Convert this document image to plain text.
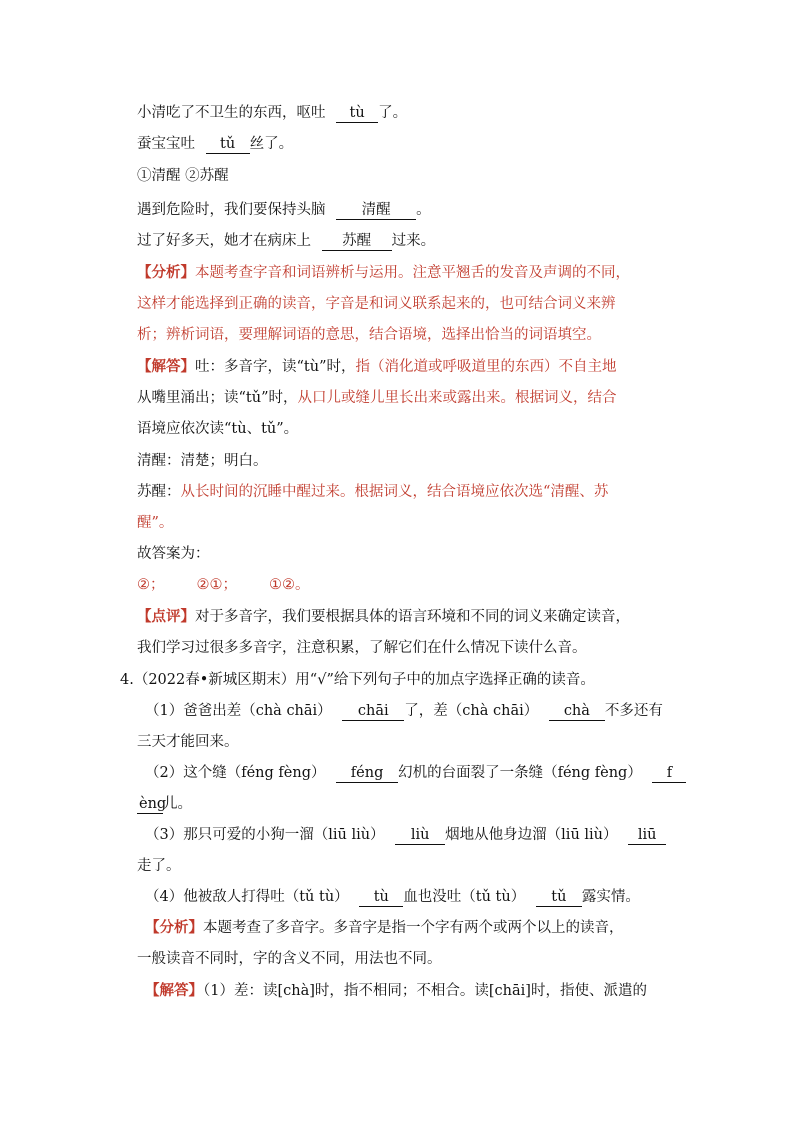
小清吃了不卫生的东西，呕吐 tù 了。
蚕宝宝吐 tǔ 丝了。
①清醒 ②苏醒
遇到危险时，我们要保持头脑 清醒 。
过了好多天，她才在病床上 苏醒 过来。
【分析】本题考查字音和词语辨析与运用。注意平翘舌的发音及声调的不同，
这样才能选择到正确的读音，字音是和词义联系起来的，也可结合词义来辨
析；辨析词语，要理解词语的意思，结合语境，选择出恰当的词语填空。
【解答】吐：多音字，读“tù”时，指（消化道或呼吸道里的东西）不自主地
从嘴里涌出；读“tǔ”时，从口儿或缝儿里长出来或露出来。根据词义，结合
语境应依次读“tù、tǔ”。
清醒：清楚；明白。
苏醒：从长时间的沉睡中醒过来。根据词义，结合语境应依次选“清醒、苏
醒”。
故答案为：
②； ②①； ①②。
【点评】对于多音字，我们要根据具体的语言环境和不同的词义来确定读音，
我们学习过很多多音字，注意积累，了解它们在什么情况下读什么音。
4.（2022春•新城区期末）用“√”给下列句子中的加点字选择正确的读音。
（1）爸爸出差（chà chāi） chāi 了，差（chà chāi） chà 不多还有
三天才能回来。
（2）这个缝（féng fèng） féng 幻机的台面裂了一条缝（féng fèng） f
èng儿。
（3）那只可爱的小狗一溜（liū liù） liù 烟地从他身边溜（liū liù） liū
走了。
（4）他被敌人打得吐（tǔ tù） tù 血也没吐（tǔ tù） tǔ 露实情。
【分析】本题考查了多音字。多音字是指一个字有两个或两个以上的读音，
一般读音不同时，字的含义不同，用法也不同。
【解答】（1）差：读[chà]时，指不相同；不相合。读[chāi]时，指使、派遣的
